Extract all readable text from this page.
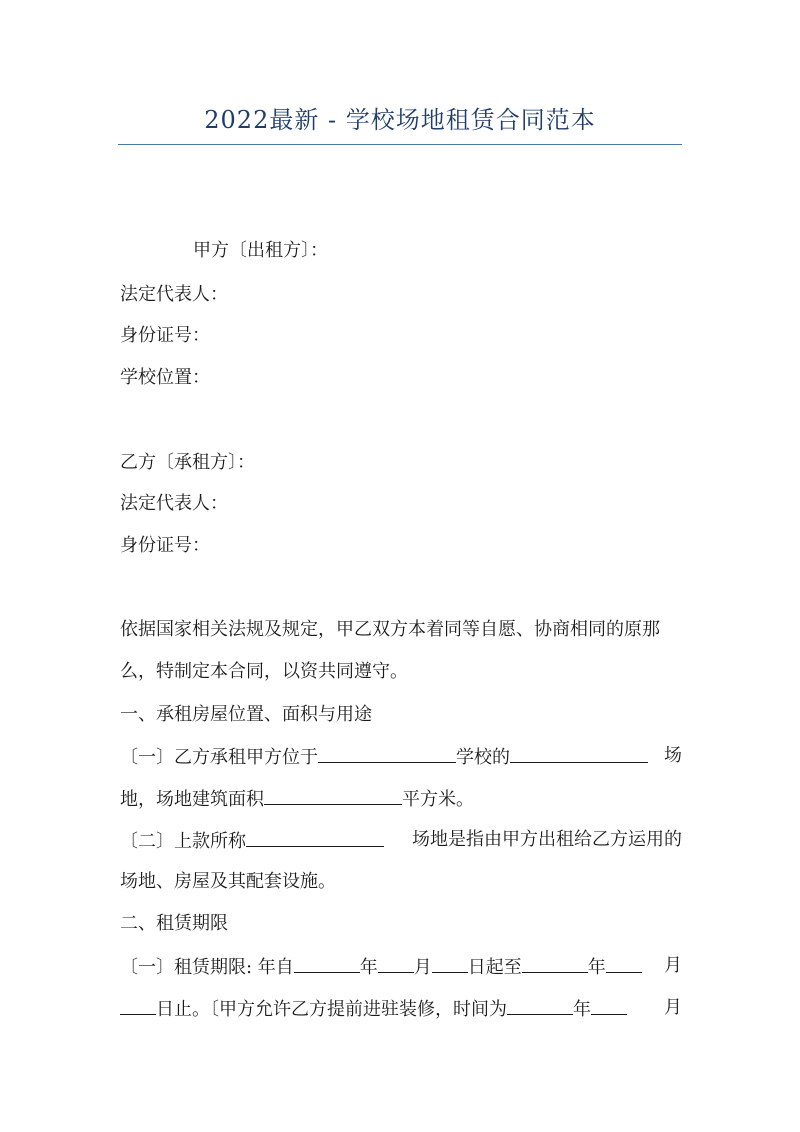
2022最新 - 学校场地租赁合同范本
甲方〔出租方〕：
法定代表人：
身份证号：
学校位置：
乙方〔承租方〕：
法定代表人：
身份证号：
依据国家相关法规及规定，甲乙双方本着同等自愿、协商相同的原那
么，特制定本合同，以资共同遵守。
一、承租房屋位置、面积与用途
〔一〕乙方承租甲方位于	学校的	场
地，场地建筑面积	平方米。
〔二〕上款所称	场地是指由甲方出租给乙方运用的
场地、房屋及其配套设施。
二、租赁期限
〔一〕租赁期限: 年自	年 月 日起至	年	月
日止。〔甲方允许乙方提前进驻装修，时间为	年	月
